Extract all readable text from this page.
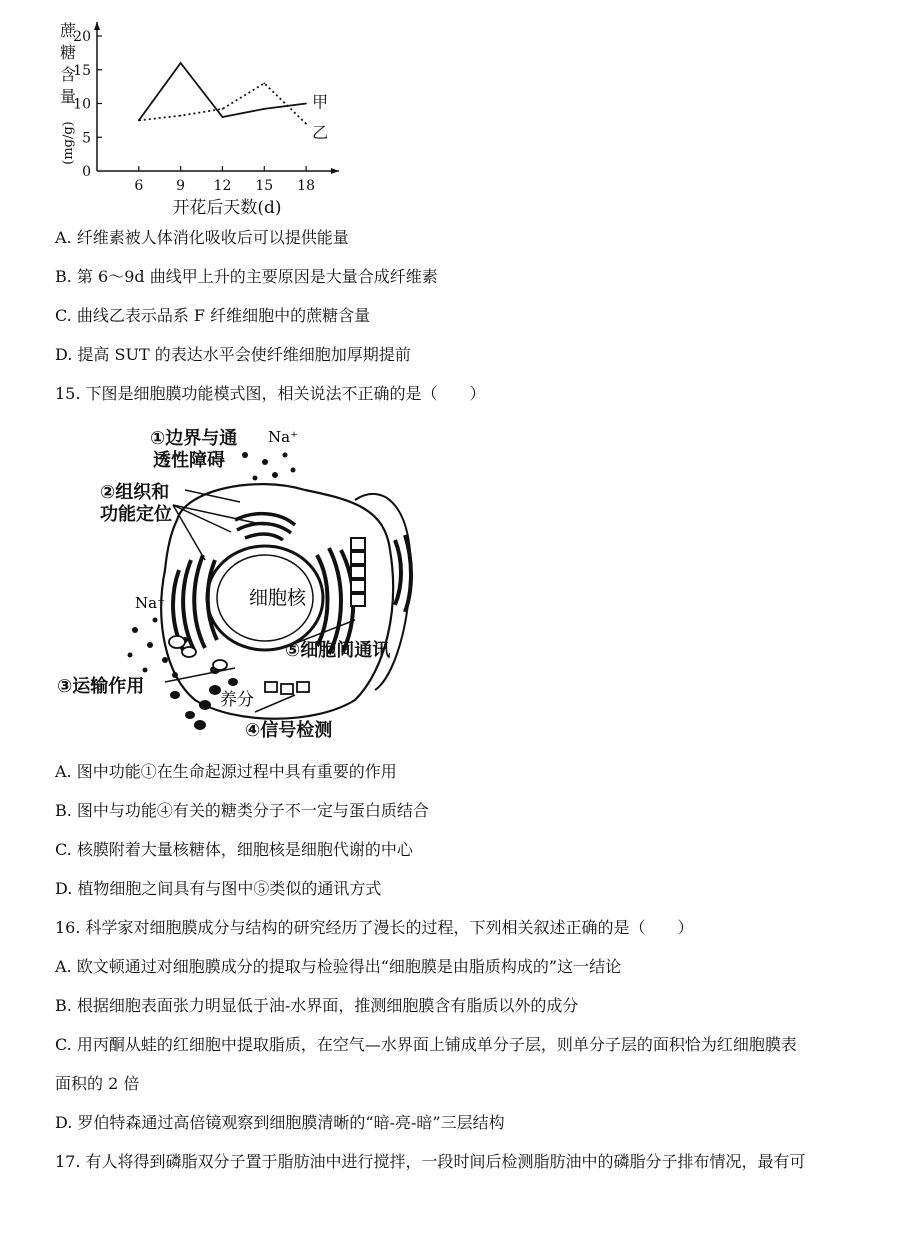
0
5
10
15
20
6 9 12 15 18
开花后天数(d)
蔗
糖
含
量
(mg/g)
甲
乙
A. 纤维素被人体消化吸收后可以提供能量
B. 第 6～9d 曲线甲上升的主要原因是大量合成纤维素
C. 曲线乙表示品系 F 纤维细胞中的蔗糖含量
D. 提高 SUT 的表达水平会使纤维细胞加厚期提前
15. 下图是细胞膜功能模式图，相关说法不正确的是（　　）
①边界与通
透性障碍
Na⁺
②组织和
功能定位
Na⁺	细胞核
⑤细胞间通讯
③运输作用
养分
④信号检测
A. 图中功能①在生命起源过程中具有重要的作用
B. 图中与功能④有关的糖类分子不一定与蛋白质结合
C. 核膜附着大量核糖体，细胞核是细胞代谢的中心
D. 植物细胞之间具有与图中⑤类似的通讯方式
16. 科学家对细胞膜成分与结构的研究经历了漫长的过程，下列相关叙述正确的是（　　）
A. 欧文顿通过对细胞膜成分的提取与检验得出“细胞膜是由脂质构成的”这一结论
B. 根据细胞表面张力明显低于油-水界面，推测细胞膜含有脂质以外的成分
C. 用丙酮从蛙的红细胞中提取脂质，在空气—水界面上铺成单分子层，则单分子层的面积恰为红细胞膜表
面积的 2 倍
D. 罗伯特森通过高倍镜观察到细胞膜清晰的“暗-亮-暗”三层结构
17. 有人将得到磷脂双分子置于脂肪油中进行搅拌，一段时间后检测脂肪油中的磷脂分子排布情况，最有可
